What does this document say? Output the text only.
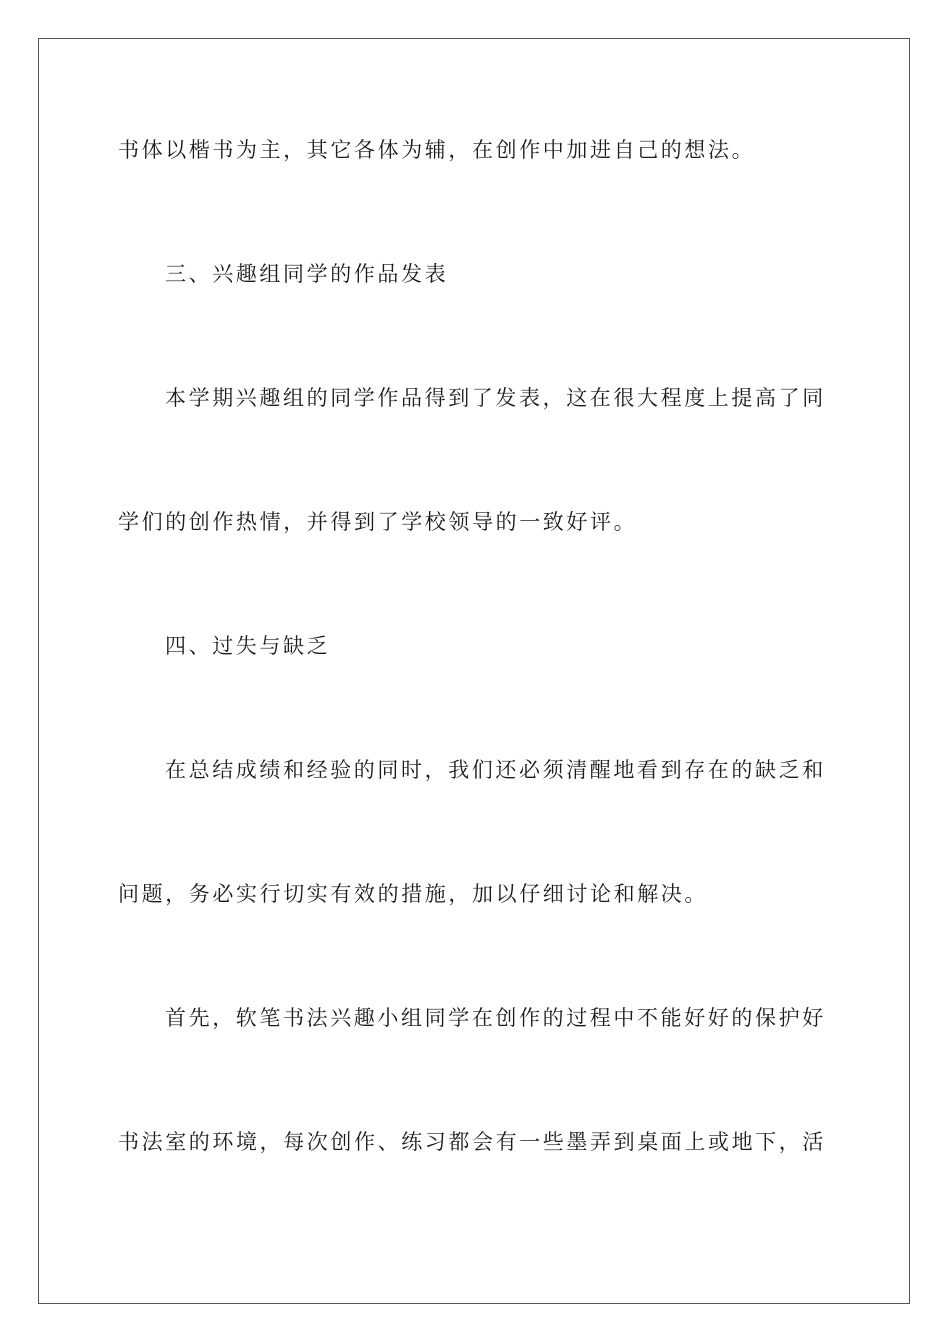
书体以楷书为主，其它各体为辅，在创作中加进自己的想法。
三、兴趣组同学的作品发表
本学期兴趣组的同学作品得到了发表，这在很大程度上提高了同
学们的创作热情，并得到了学校领导的一致好评。
四、过失与缺乏
在总结成绩和经验的同时，我们还必须清醒地看到存在的缺乏和
问题，务必实行切实有效的措施，加以仔细讨论和解决。
首先，软笔书法兴趣小组同学在创作的过程中不能好好的保护好
书法室的环境，每次创作、练习都会有一些墨弄到桌面上或地下，活
